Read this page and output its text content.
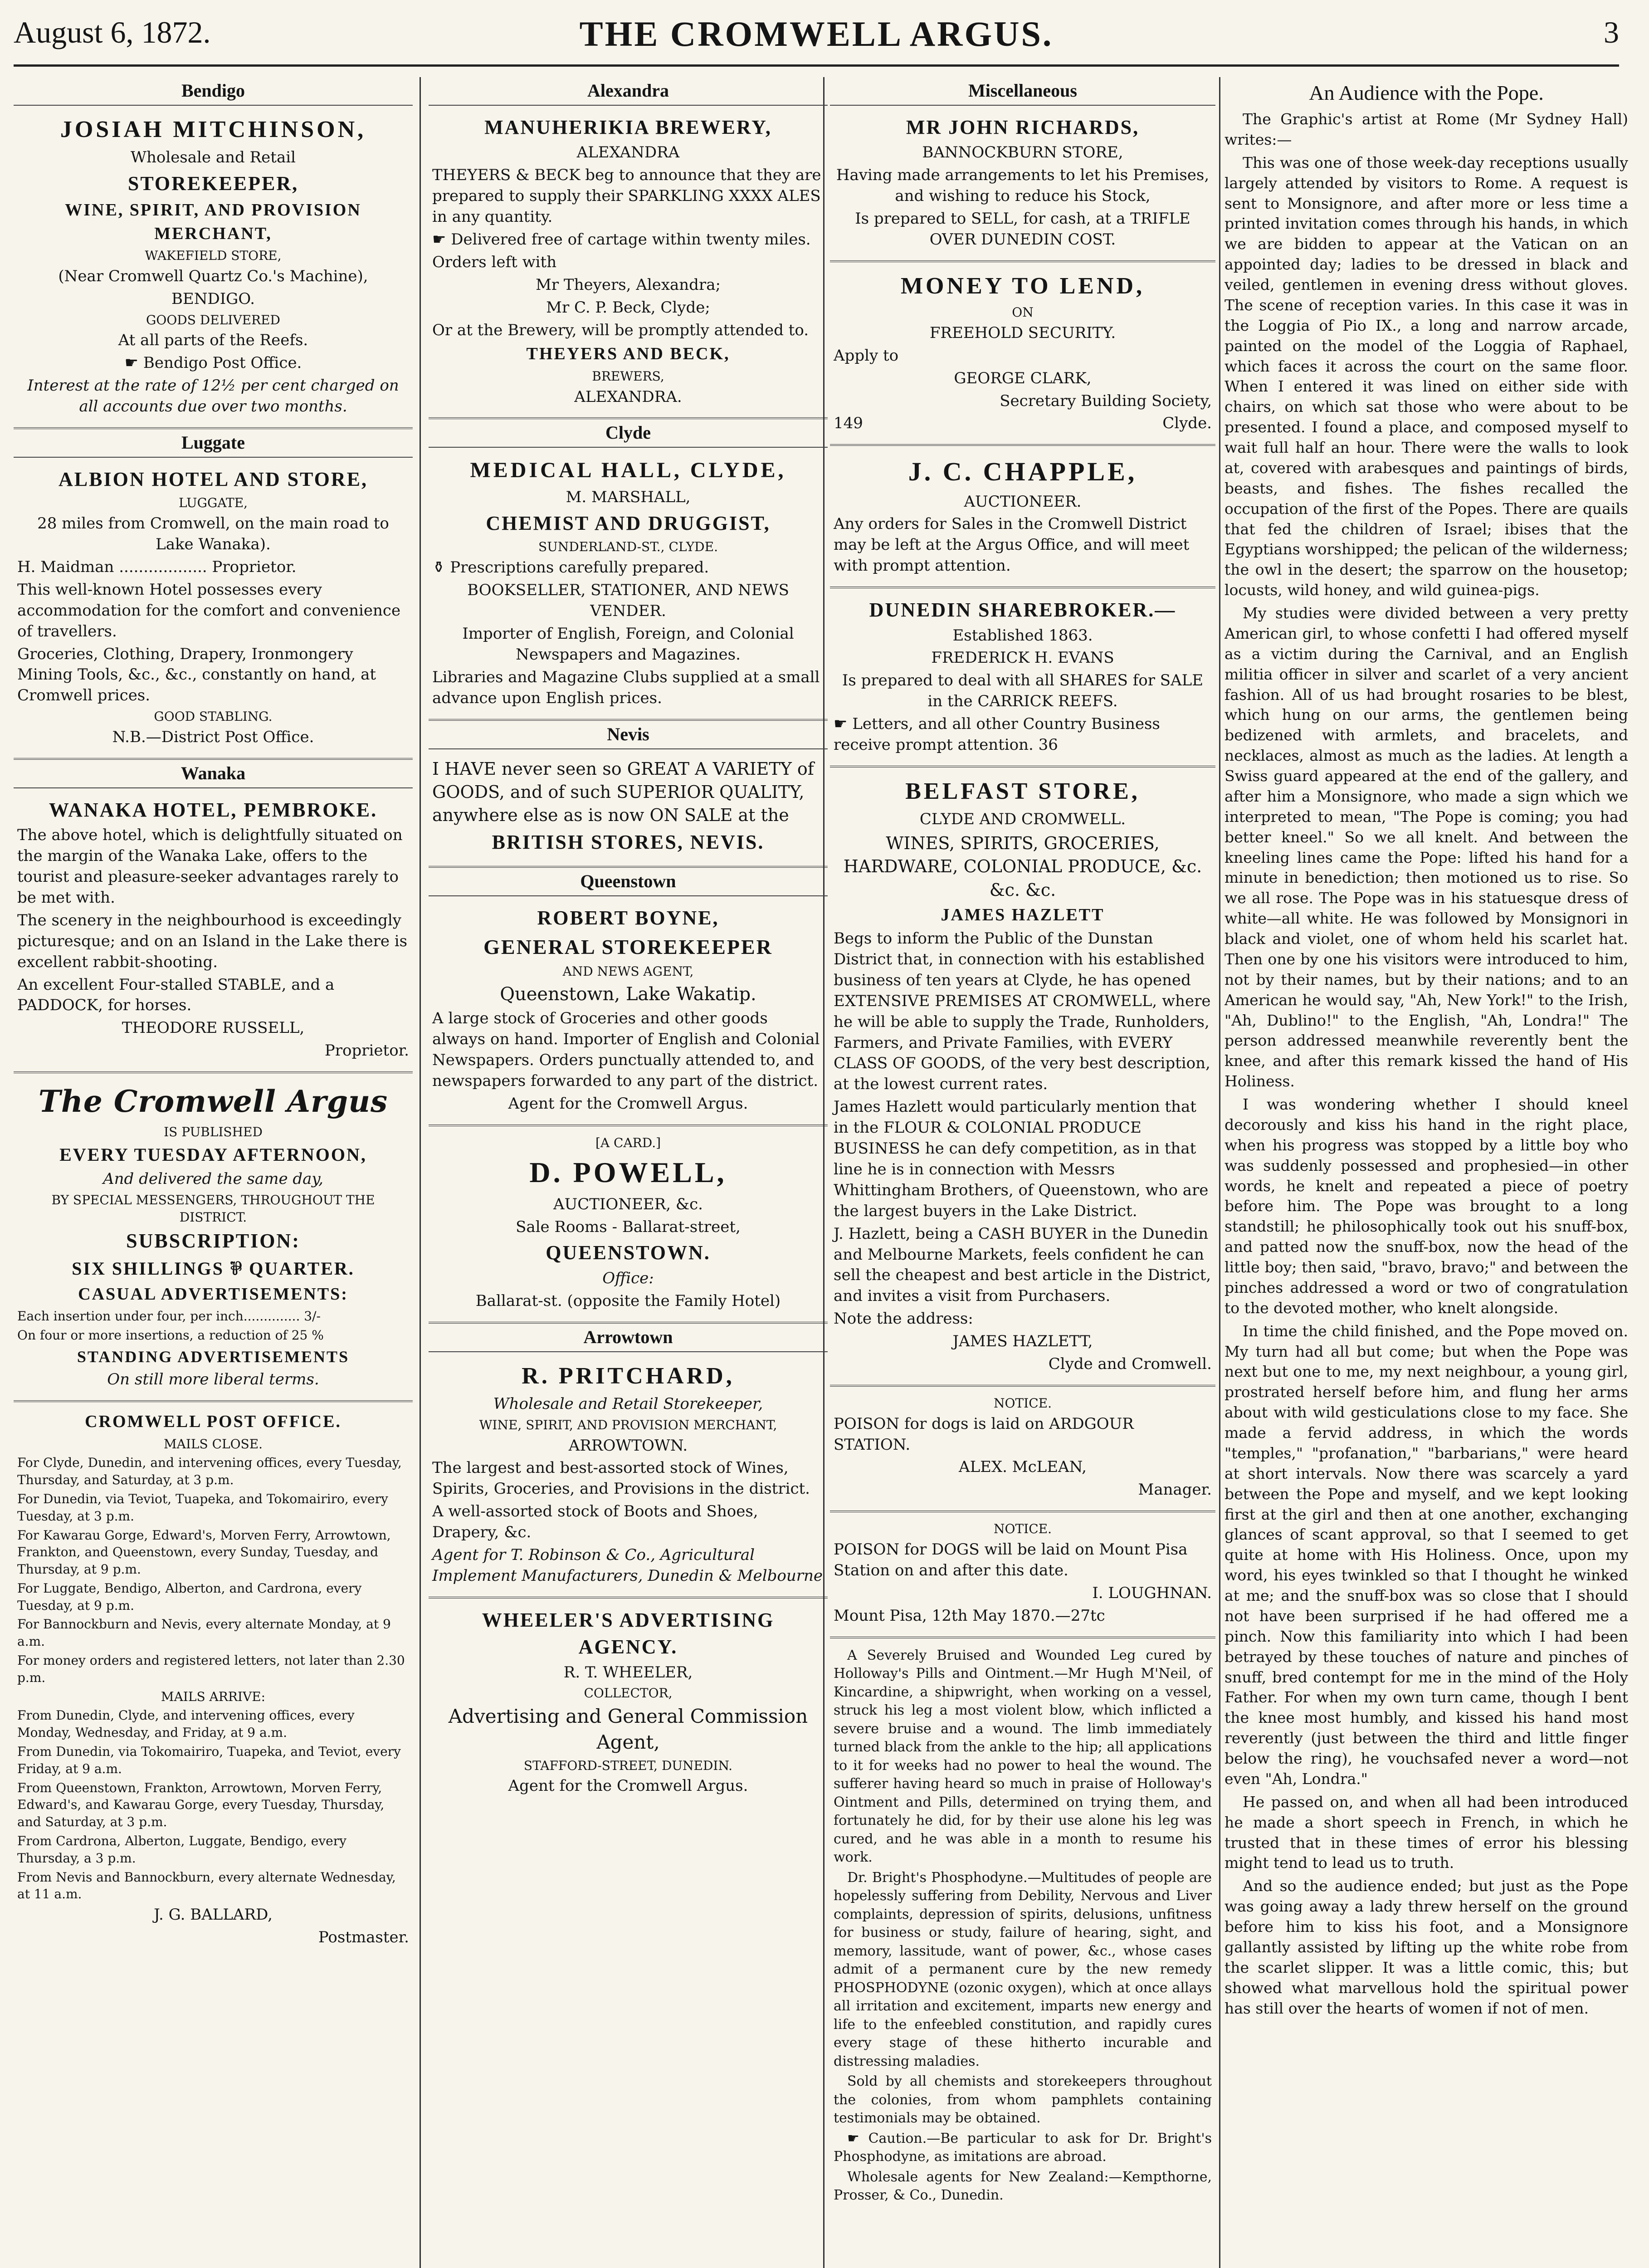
THE CROMWELL ARGUS.
August 6, 1872.	3
Bendigo

JOSIAH MITCHINSON,

Wholesale and Retail

STOREKEEPER,

WINE, SPIRIT, AND PROVISION MERCHANT,

WAKEFIELD STORE,

(Near Cromwell Quartz Co.'s Machine),

BENDIGO.

GOODS DELIVERED

At all parts of the Reefs.

☛ Bendigo Post Office.

Interest at the rate of 12½ per cent charged on all accounts due over two months.

Luggate

ALBION HOTEL AND STORE,

LUGGATE,

28 miles from Cromwell, on the main road to Lake Wanaka).

H. Maidman .................. Proprietor.

This well-known Hotel possesses every accommodation for the comfort and convenience of travellers.

Groceries, Clothing, Drapery, Ironmongery Mining Tools, &c., &c., constantly on hand, at Cromwell prices.

GOOD STABLING.

N.B.—District Post Office.

Wanaka

WANAKA HOTEL, PEMBROKE.

The above hotel, which is delightfully situated on the margin of the Wanaka Lake, offers to the tourist and pleasure-seeker advantages rarely to be met with.

The scenery in the neighbourhood is exceedingly picturesque; and on an Island in the Lake there is excellent rabbit-shooting.

An excellent Four-stalled STABLE, and a PADDOCK, for horses.

THEODORE RUSSELL,

Proprietor.

The Cromwell Argus

IS PUBLISHED

EVERY TUESDAY AFTERNOON,

And delivered the same day,

BY SPECIAL MESSENGERS, THROUGHOUT THE DISTRICT.

SUBSCRIPTION:

SIX SHILLINGS ⅌ QUARTER.

CASUAL ADVERTISEMENTS:

Each insertion under four, per inch.............. 3/-

On four or more insertions, a reduction of 25 %

STANDING ADVERTISEMENTS

On still more liberal terms.

CROMWELL POST OFFICE.

MAILS CLOSE.

For Clyde, Dunedin, and intervening offices, every Tuesday, Thursday, and Saturday, at 3 p.m.
For Dunedin, via Teviot, Tuapeka, and Tokomairiro, every Tuesday, at 3 p.m.
For Kawarau Gorge, Edward's, Morven Ferry, Arrowtown, Frankton, and Queenstown, every Sunday, Tuesday, and Thursday, at 9 p.m.
For Luggate, Bendigo, Alberton, and Cardrona, every Tuesday, at 9 p.m.
For Bannockburn and Nevis, every alternate Monday, at 9 a.m.
For money orders and registered letters, not later than 2.30 p.m.

MAILS ARRIVE:

From Dunedin, Clyde, and intervening offices, every Monday, Wednesday, and Friday, at 9 a.m.
From Dunedin, via Tokomairiro, Tuapeka, and Teviot, every Friday, at 9 a.m.
From Queenstown, Frankton, Arrowtown, Morven Ferry, Edward's, and Kawarau Gorge, every Tuesday, Thursday, and Saturday, at 3 p.m.
From Cardrona, Alberton, Luggate, Bendigo, every Thursday, a 3 p.m.
From Nevis and Bannockburn, every alternate Wednesday, at 11 a.m.

J. G. BALLARD,

Postmaster.

Alexandra

MANUHERIKIA BREWERY,

ALEXANDRA

THEYERS & BECK beg to announce that they are prepared to supply their SPARKLING XXXX ALES in any quantity.

☛ Delivered free of cartage within twenty miles.

Orders left with

Mr Theyers, Alexandra;

Mr C. P. Beck, Clyde;

Or at the Brewery, will be promptly attended to.

THEYERS AND BECK,

BREWERS,

ALEXANDRA.

Clyde

MEDICAL HALL, CLYDE,

M. MARSHALL,

CHEMIST AND DRUGGIST,

SUNDERLAND-ST., CLYDE.

⚱ Prescriptions carefully prepared.

BOOKSELLER, STATIONER, AND NEWS VENDER.

Importer of English, Foreign, and Colonial Newspapers and Magazines.

Libraries and Magazine Clubs supplied at a small advance upon English prices.

Nevis

I HAVE never seen so GREAT A VARIETY of GOODS, and of such SUPERIOR QUALITY, anywhere else as is now ON SALE at the

BRITISH STORES, NEVIS.

Queenstown

ROBERT BOYNE,

GENERAL STOREKEEPER

AND NEWS AGENT,

Queenstown, Lake Wakatip.

A large stock of Groceries and other goods always on hand. Importer of English and Colonial Newspapers. Orders punctually attended to, and newspapers forwarded to any part of the district.

Agent for the Cromwell Argus.

[A CARD.]

D. POWELL,

AUCTIONEER, &c.

Sale Rooms - Ballarat-street,

QUEENSTOWN.

Office:

Ballarat-st. (opposite the Family Hotel)

Arrowtown

R. PRITCHARD,

Wholesale and Retail Storekeeper,

WINE, SPIRIT, AND PROVISION MERCHANT,

ARROWTOWN.

The largest and best-assorted stock of Wines, Spirits, Groceries, and Provisions in the district.

A well-assorted stock of Boots and Shoes, Drapery, &c.

Agent for T. Robinson & Co., Agricultural Implement Manufacturers, Dunedin & Melbourne

WHEELER'S ADVERTISING AGENCY.

R. T. WHEELER,

COLLECTOR,

Advertising and General Commission Agent,

STAFFORD-STREET, DUNEDIN.

Agent for the Cromwell Argus.

Miscellaneous

MR JOHN RICHARDS,

BANNOCKBURN STORE,

Having made arrangements to let his Premises, and wishing to reduce his Stock,

Is prepared to SELL, for cash, at a TRIFLE OVER DUNEDIN COST.

MONEY TO LEND,

ON

FREEHOLD SECURITY.

Apply to

GEORGE CLARK,

Secretary Building Society,

149	Clyde.

J. C. CHAPPLE,

AUCTIONEER.

Any orders for Sales in the Cromwell District may be left at the Argus Office, and will meet with prompt attention.

DUNEDIN SHAREBROKER.—

Established 1863.

FREDERICK H. EVANS

Is prepared to deal with all SHARES for SALE in the CARRICK REEFS.

☛ Letters, and all other Country Business receive prompt attention. 36

BELFAST STORE,

CLYDE AND CROMWELL.

WINES, SPIRITS, GROCERIES, HARDWARE, COLONIAL PRODUCE, &c. &c. &c.

JAMES HAZLETT

Begs to inform the Public of the Dunstan District that, in connection with his established business of ten years at Clyde, he has opened EXTENSIVE PREMISES AT CROMWELL, where he will be able to supply the Trade, Runholders, Farmers, and Private Families, with EVERY CLASS OF GOODS, of the very best description, at the lowest current rates.

James Hazlett would particularly mention that in the FLOUR & COLONIAL PRODUCE BUSINESS he can defy competition, as in that line he is in connection with Messrs Whittingham Brothers, of Queenstown, who are the largest buyers in the Lake District.

J. Hazlett, being a CASH BUYER in the Dunedin and Melbourne Markets, feels confident he can sell the cheapest and best article in the District, and invites a visit from Purchasers.

Note the address:

JAMES HAZLETT,

Clyde and Cromwell.

NOTICE.

POISON for dogs is laid on ARDGOUR STATION.

ALEX. McLEAN,

Manager.

NOTICE.

POISON for DOGS will be laid on Mount Pisa Station on and after this date.

I. LOUGHNAN.

Mount Pisa, 12th May 1870.—27tc

A Severely Bruised and Wounded Leg cured by Holloway's Pills and Ointment.—Mr Hugh M'Neil, of Kincardine, a shipwright, when working on a vessel, struck his leg a most violent blow, which inflicted a severe bruise and a wound. The limb immediately turned black from the ankle to the hip; all applications to it for weeks had no power to heal the wound. The sufferer having heard so much in praise of Holloway's Ointment and Pills, determined on trying them, and fortunately he did, for by their use alone his leg was cured, and he was able in a month to resume his work.

Dr. Bright's Phosphodyne.—Multitudes of people are hopelessly suffering from Debility, Nervous and Liver complaints, depression of spirits, delusions, unfitness for business or study, failure of hearing, sight, and memory, lassitude, want of power, &c., whose cases admit of a permanent cure by the new remedy PHOSPHODYNE (ozonic oxygen), which at once allays all irritation and excitement, imparts new energy and life to the enfeebled constitution, and rapidly cures every stage of these hitherto incurable and distressing maladies.

Sold by all chemists and storekeepers throughout the colonies, from whom pamphlets containing testimonials may be obtained.

☛ Caution.—Be particular to ask for Dr. Bright's Phosphodyne, as imitations are abroad.

Wholesale agents for New Zealand:—Kempthorne, Prosser, & Co., Dunedin.

An Audience with the Pope.

The Graphic's artist at Rome (Mr Sydney Hall) writes:—

This was one of those week-day receptions usually largely attended by visitors to Rome. A request is sent to Monsignore, and after more or less time a printed invitation comes through his hands, in which we are bidden to appear at the Vatican on an appointed day; ladies to be dressed in black and veiled, gentlemen in evening dress without gloves. The scene of reception varies. In this case it was in the Loggia of Pio IX., a long and narrow arcade, painted on the model of the Loggia of Raphael, which faces it across the court on the same floor. When I entered it was lined on either side with chairs, on which sat those who were about to be presented. I found a place, and composed myself to wait full half an hour. There were the walls to look at, covered with arabesques and paintings of birds, beasts, and fishes. The fishes recalled the occupation of the first of the Popes. There are quails that fed the children of Israel; ibises that the Egyptians worshipped; the pelican of the wilderness; the owl in the desert; the sparrow on the housetop; locusts, wild honey, and wild guinea-pigs.

My studies were divided between a very pretty American girl, to whose confetti I had offered myself as a victim during the Carnival, and an English militia officer in silver and scarlet of a very ancient fashion. All of us had brought rosaries to be blest, which hung on our arms, the gentlemen being bedizened with armlets, and bracelets, and necklaces, almost as much as the ladies. At length a Swiss guard appeared at the end of the gallery, and after him a Monsignore, who made a sign which we interpreted to mean, "The Pope is coming; you had better kneel." So we all knelt. And between the kneeling lines came the Pope: lifted his hand for a minute in benediction; then motioned us to rise. So we all rose. The Pope was in his statuesque dress of white—all white. He was followed by Monsignori in black and violet, one of whom held his scarlet hat. Then one by one his visitors were introduced to him, not by their names, but by their nations; and to an American he would say, "Ah, New York!" to the Irish, "Ah, Dublino!" to the English, "Ah, Londra!" The person addressed meanwhile reverently bent the knee, and after this remark kissed the hand of His Holiness.

I was wondering whether I should kneel decorously and kiss his hand in the right place, when his progress was stopped by a little boy who was suddenly possessed and prophesied—in other words, he knelt and repeated a piece of poetry before him. The Pope was brought to a long standstill; he philosophically took out his snuff-box, and patted now the snuff-box, now the head of the little boy; then said, "bravo, bravo;" and between the pinches addressed a word or two of congratulation to the devoted mother, who knelt alongside.

In time the child finished, and the Pope moved on. My turn had all but come; but when the Pope was next but one to me, my next neighbour, a young girl, prostrated herself before him, and flung her arms about with wild gesticulations close to my face. She made a fervid address, in which the words "temples," "profanation," "barbarians," were heard at short intervals. Now there was scarcely a yard between the Pope and myself, and we kept looking first at the girl and then at one another, exchanging glances of scant approval, so that I seemed to get quite at home with His Holiness. Once, upon my word, his eyes twinkled so that I thought he winked at me; and the snuff-box was so close that I should not have been surprised if he had offered me a pinch. Now this familiarity into which I had been betrayed by these touches of nature and pinches of snuff, bred contempt for me in the mind of the Holy Father. For when my own turn came, though I bent the knee most humbly, and kissed his hand most reverently (just between the third and little finger below the ring), he vouchsafed never a word—not even "Ah, Londra."

He passed on, and when all had been introduced he made a short speech in French, in which he trusted that in these times of error his blessing might tend to lead us to truth.

And so the audience ended; but just as the Pope was going away a lady threw herself on the ground before him to kiss his foot, and a Monsignore gallantly assisted by lifting up the white robe from the scarlet slipper. It was a little comic, this; but showed what marvellous hold the spiritual power has still over the hearts of women if not of men.
